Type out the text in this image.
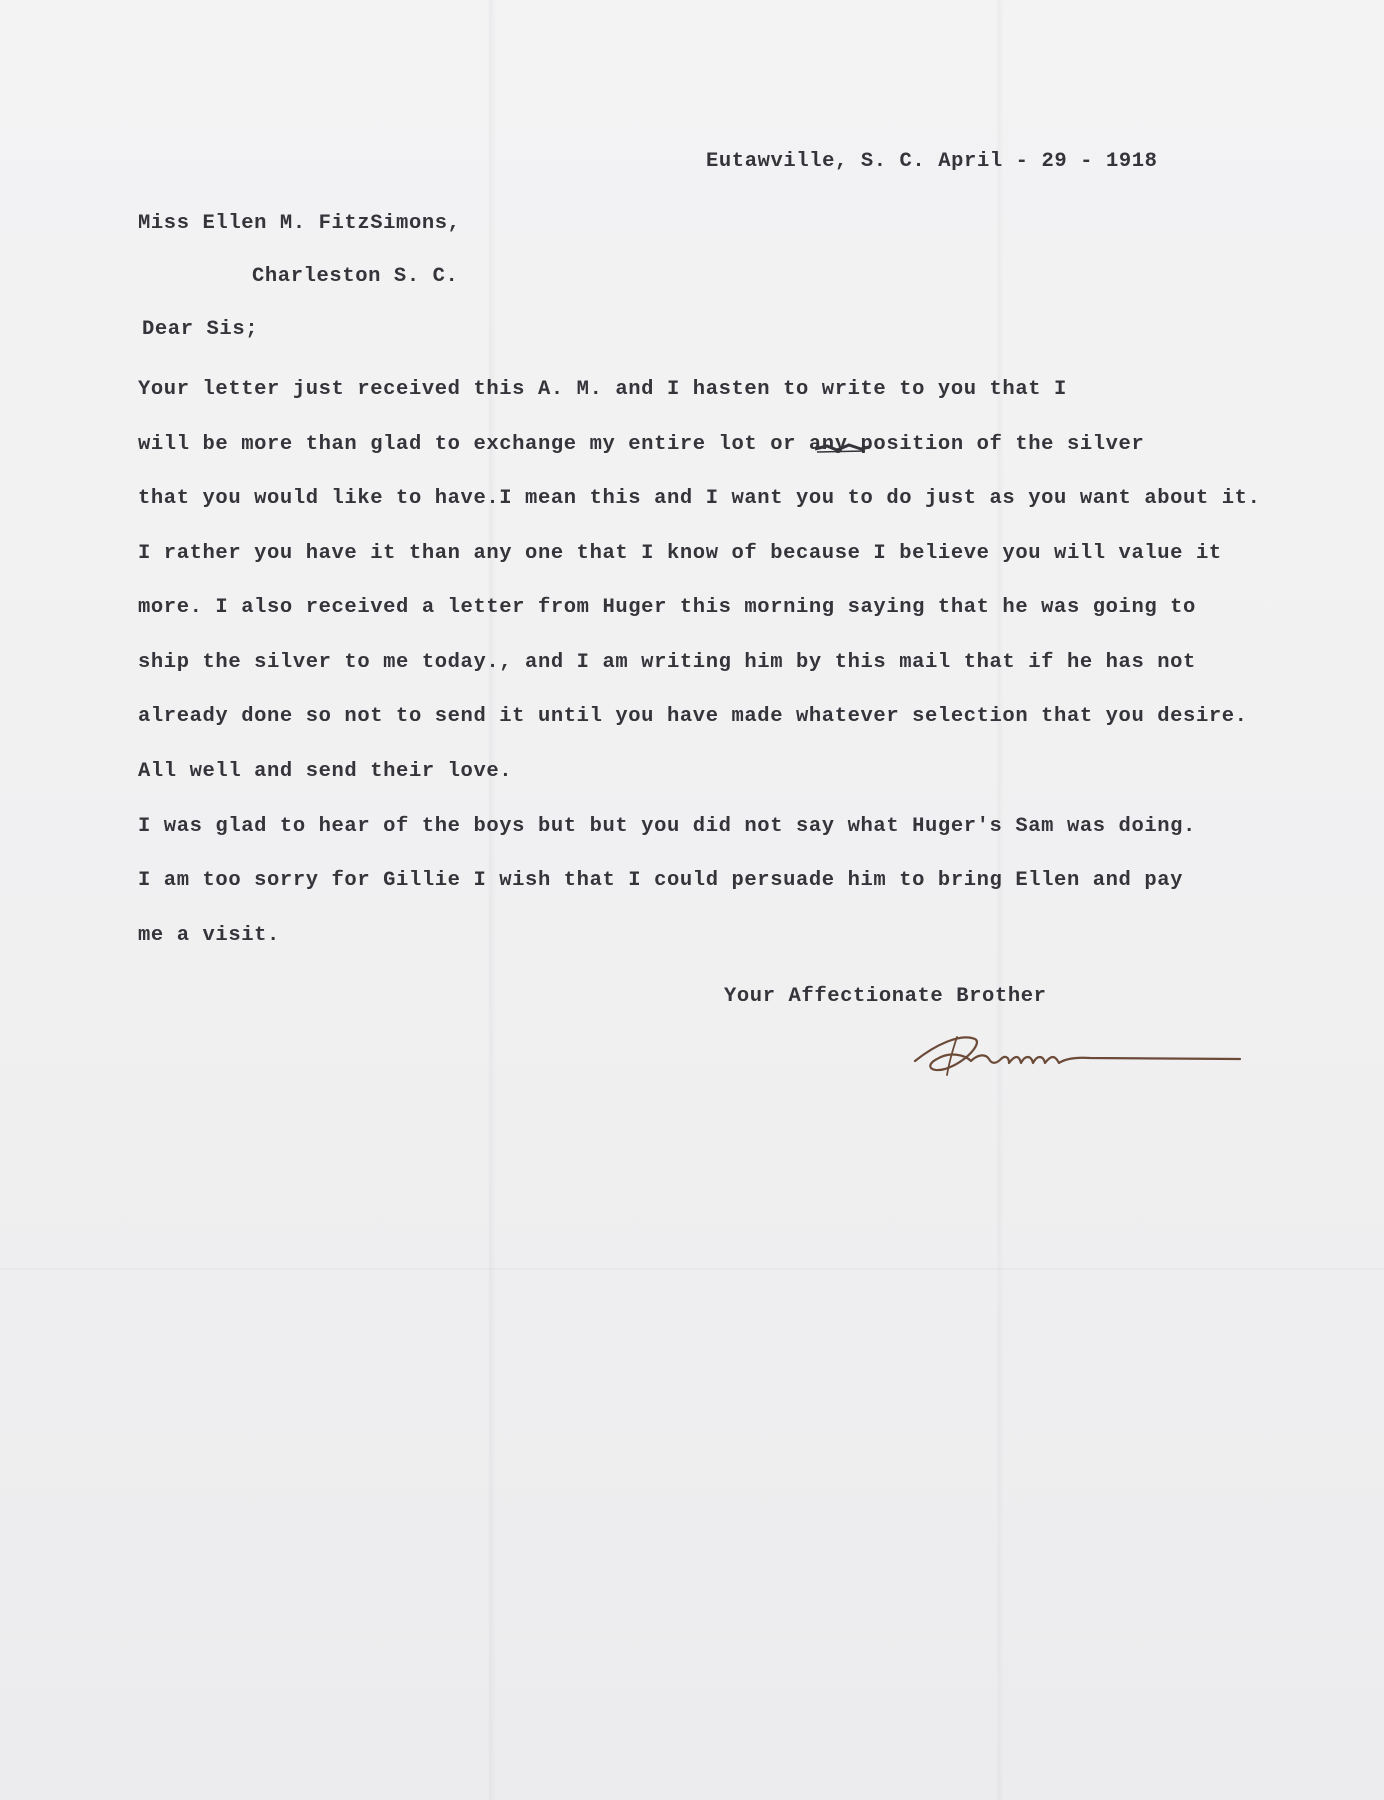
Eutawville, S. C. April - 29 - 1918

Miss Ellen M. FitzSimons,

Charleston S. C.

Dear Sis;

Your letter just received this A. M. and I hasten to write to you that I

will be more than glad to exchange my entire lot or any position of the silver

that you would like to have.I mean this and I want you to do just as you want about it.

I rather you have it than any one that I know of because I believe you will value it

more. I also received a letter from Huger this morning saying that he was going to

ship the silver to me today., and I am writing him by this mail that if he has not

already done so not to send it until you have made whatever selection that you desire.

All well and send their love.

I was glad to hear of the boys but but you did not say what Huger's Sam was doing.

I am too sorry for Gillie I wish that I could persuade him to bring Ellen and pay

me a visit.

Your Affectionate Brother
